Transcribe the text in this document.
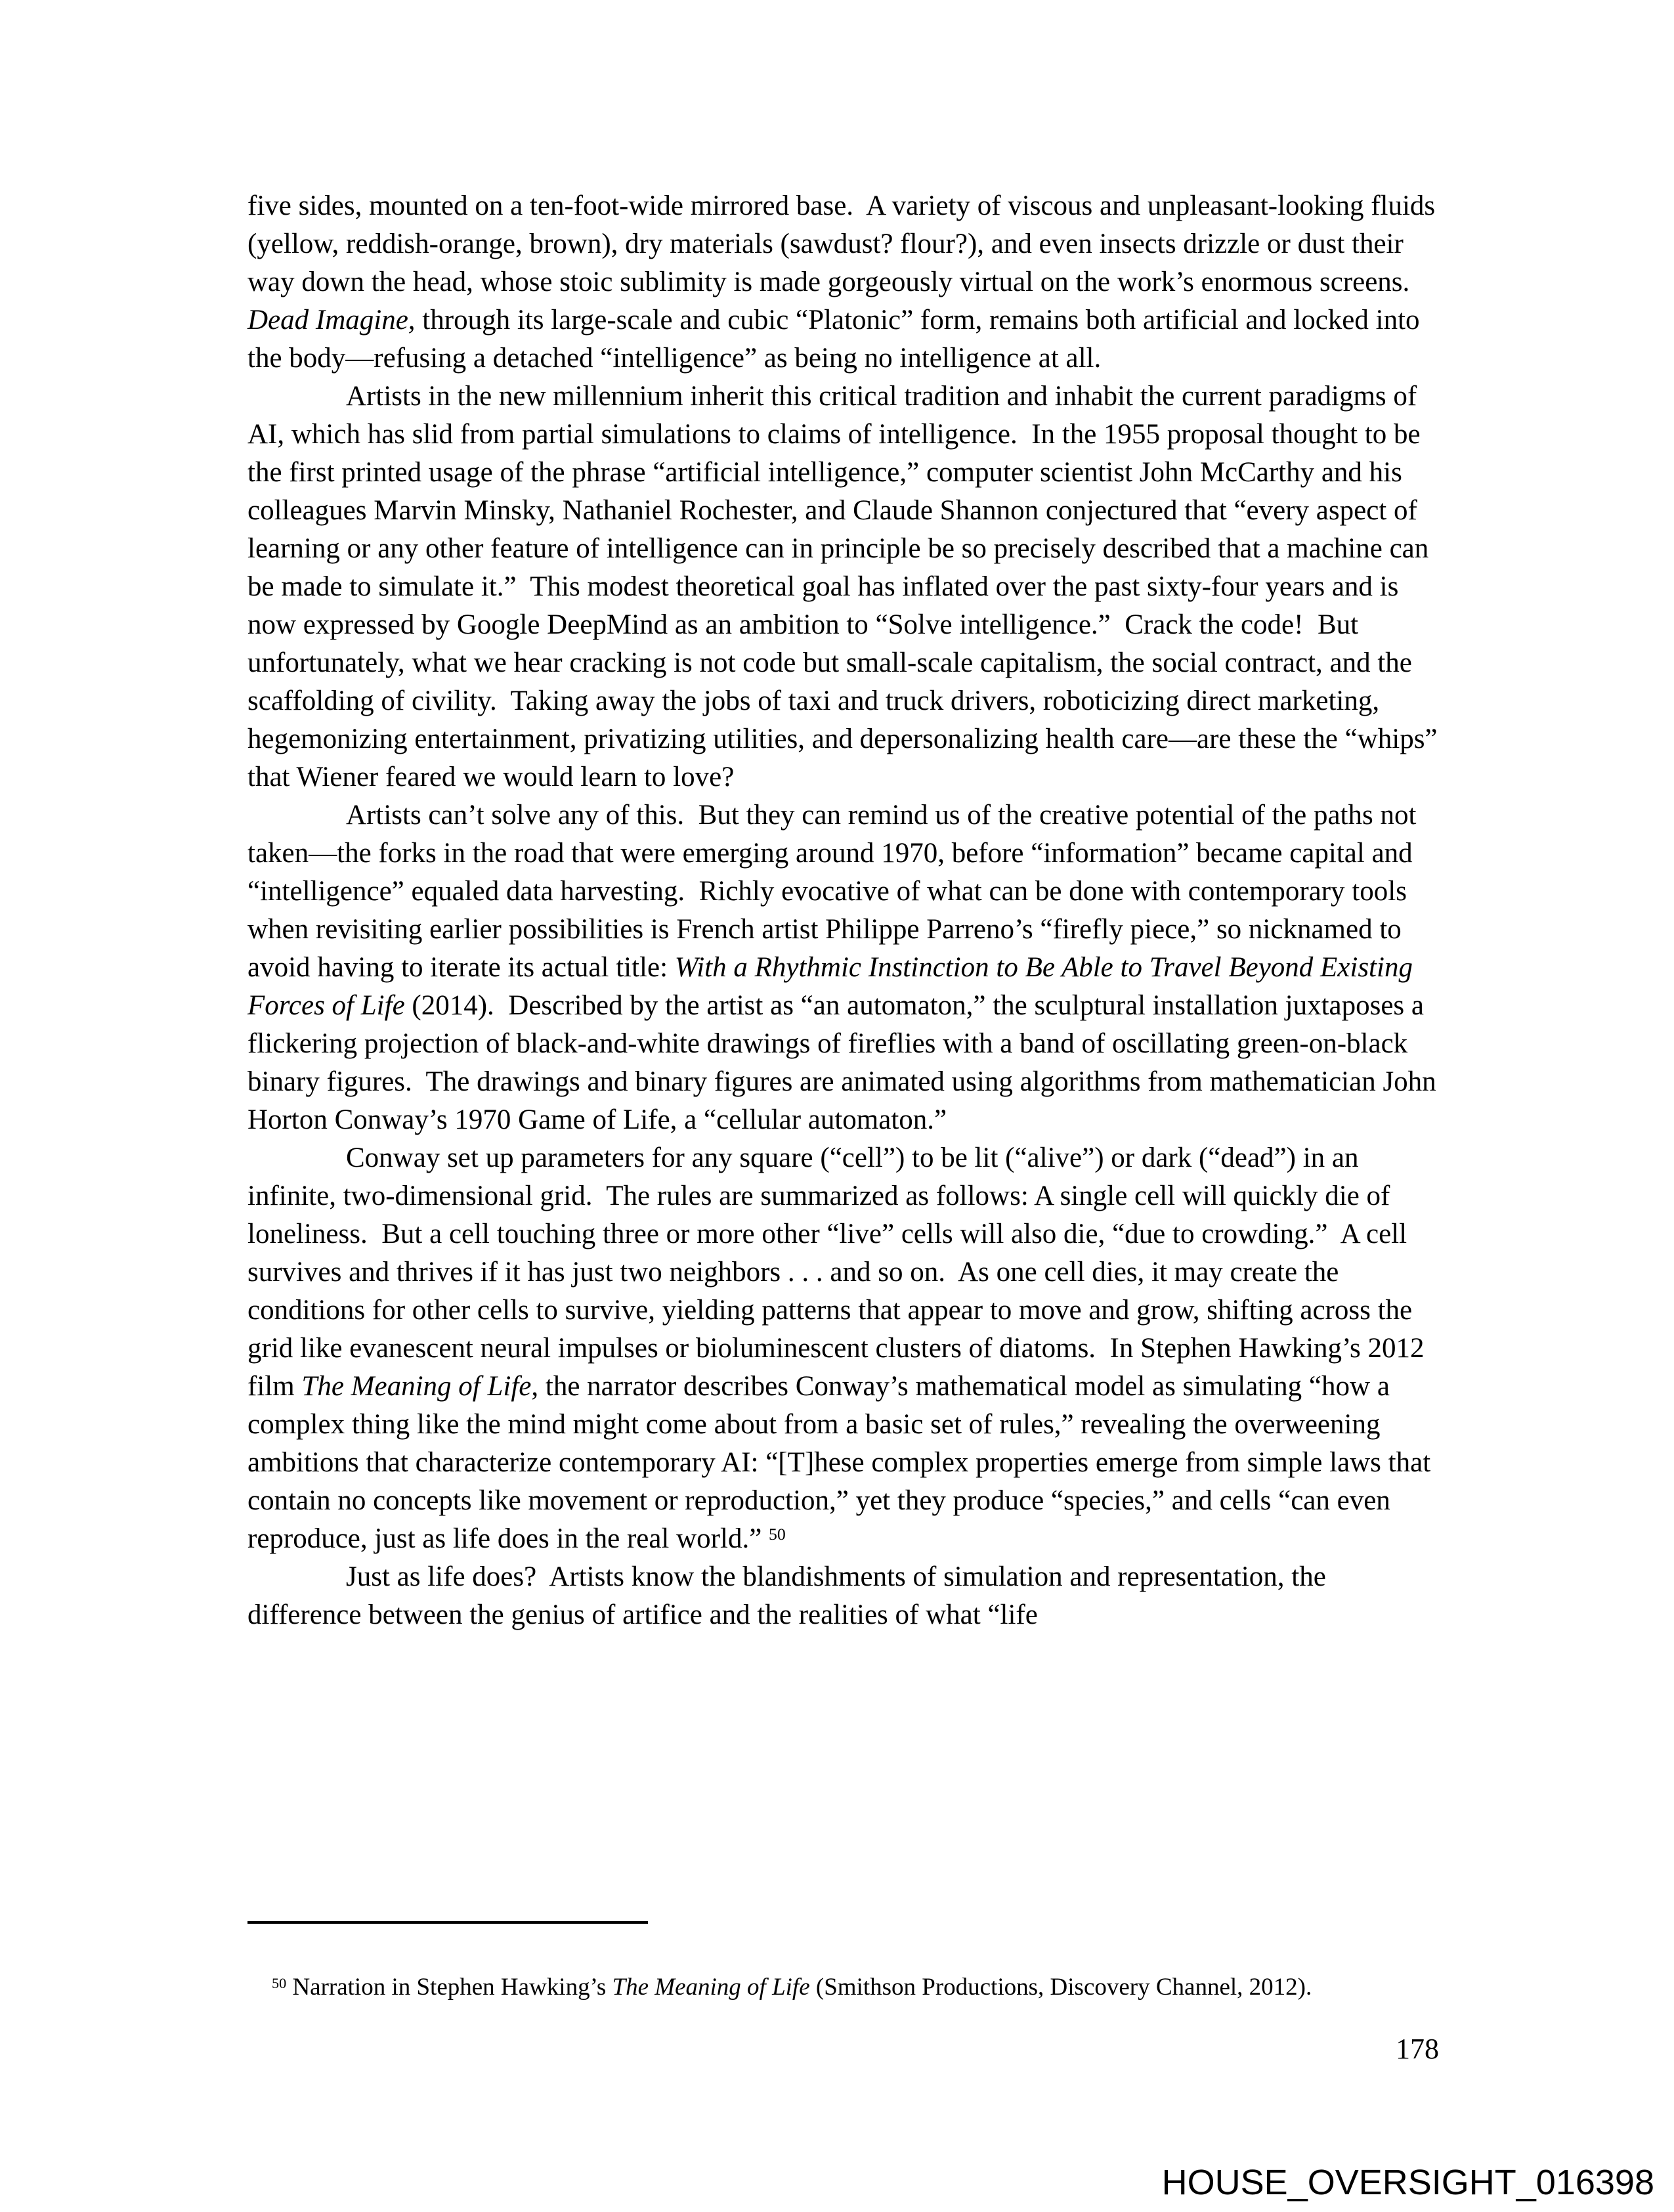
five sides, mounted on a ten-foot-wide mirrored base.  A variety of viscous and unpleasant-looking fluids (yellow, reddish-orange, brown), dry materials (sawdust? flour?), and even insects drizzle or dust their way down the head, whose stoic sublimity is made gorgeously virtual on the work’s enormous screens.  Dead Imagine, through its large-scale and cubic “Platonic” form, remains both artificial and locked into the body—refusing a detached “intelligence” as being no intelligence at all.

Artists in the new millennium inherit this critical tradition and inhabit the current paradigms of AI, which has slid from partial simulations to claims of intelligence.  In the 1955 proposal thought to be the first printed usage of the phrase “artificial intelligence,” computer scientist John McCarthy and his colleagues Marvin Minsky, Nathaniel Rochester, and Claude Shannon conjectured that “every aspect of learning or any other feature of intelligence can in principle be so precisely described that a machine can be made to simulate it.”  This modest theoretical goal has inflated over the past sixty-four years and is now expressed by Google DeepMind as an ambition to “Solve intelligence.”  Crack the code!  But unfortunately, what we hear cracking is not code but small-scale capitalism, the social contract, and the scaffolding of civility.  Taking away the jobs of taxi and truck drivers, roboticizing direct marketing, hegemonizing entertainment, privatizing utilities, and depersonalizing health care—are these the “whips” that Wiener feared we would learn to love?

Artists can’t solve any of this.  But they can remind us of the creative potential of the paths not taken—the forks in the road that were emerging around 1970, before “information” became capital and “intelligence” equaled data harvesting.  Richly evocative of what can be done with contemporary tools when revisiting earlier possibilities is French artist Philippe Parreno’s “firefly piece,” so nicknamed to avoid having to iterate its actual title: With a Rhythmic Instinction to Be Able to Travel Beyond Existing Forces of Life (2014).  Described by the artist as “an automaton,” the sculptural installation juxtaposes a flickering projection of black-and-white drawings of fireflies with a band of oscillating green-on-black binary figures.  The drawings and binary figures are animated using algorithms from mathematician John Horton Conway’s 1970 Game of Life, a “cellular automaton.”

Conway set up parameters for any square (“cell”) to be lit (“alive”) or dark (“dead”) in an infinite, two-dimensional grid.  The rules are summarized as follows: A single cell will quickly die of loneliness.  But a cell touching three or more other “live” cells will also die, “due to crowding.”  A cell survives and thrives if it has just two neighbors . . . and so on.  As one cell dies, it may create the conditions for other cells to survive, yielding patterns that appear to move and grow, shifting across the grid like evanescent neural impulses or bioluminescent clusters of diatoms.  In Stephen Hawking’s 2012 film The Meaning of Life, the narrator describes Conway’s mathematical model as simulating “how a complex thing like the mind might come about from a basic set of rules,” revealing the overweening ambitions that characterize contemporary AI: “[T]hese complex properties emerge from simple laws that contain no concepts like movement or reproduction,” yet they produce “species,” and cells “can even reproduce, just as life does in the real world.” $^{50}$

Just as life does?  Artists know the blandishments of simulation and representation, the difference between the genius of artifice and the realities of what “life

$^{50}$ Narration in Stephen Hawking’s The Meaning of Life (Smithson Productions, Discovery Channel, 2012).

178
HOUSE_OVERSIGHT_016398
